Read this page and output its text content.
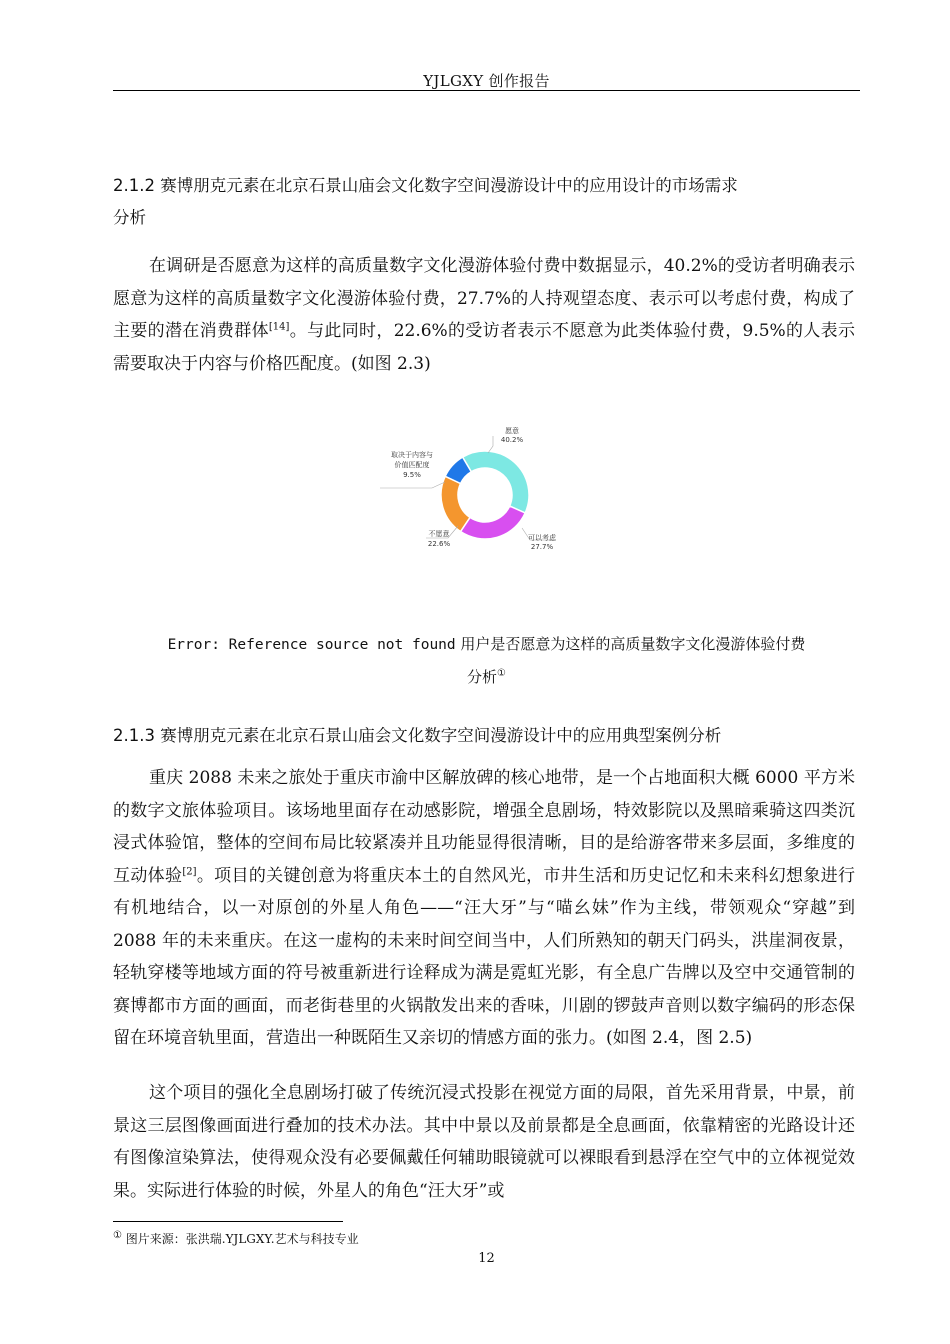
YJLGXY 创作报告
2.1.2 赛博朋克元素在北京石景山庙会文化数字空间漫游设计中的应用设计的市场需求
分析
在调研是否愿意为这样的高质量数字文化漫游体验付费中数据显示，40.2%的受访者明确表示愿意为这样的高质量数字文化漫游体验付费，27.7%的人持观望态度、表示可以考虑付费，构成了主要的潜在消费群体[14]。与此同时，22.6%的受访者表示不愿意为此类体验付费，9.5%的人表示需要取决于内容与价格匹配度。(如图 2.3)
愿意
40.2%
可以考虑
27.7%
不愿意
22.6%
取决于内容与
价值匹配度
9.5%
Error: Reference source not found 用户是否愿意为这样的高质量数字文化漫游体验付费
分析①
2.1.3 赛博朋克元素在北京石景山庙会文化数字空间漫游设计中的应用典型案例分析
重庆 2088 未来之旅处于重庆市渝中区解放碑的核心地带，是一个占地面积大概 6000 平方米的数字文旅体验项目。该场地里面存在动感影院，增强全息剧场，特效影院以及黑暗乘骑这四类沉浸式体验馆，整体的空间布局比较紧凑并且功能显得很清晰，目的是给游客带来多层面，多维度的互动体验[2]。项目的关键创意为将重庆本土的自然风光，市井生活和历史记忆和未来科幻想象进行有机地结合，以一对原创的外星人角色——“汪大牙”与“喵幺妹”作为主线，带领观众“穿越”到 2088 年的未来重庆。在这一虚构的未来时间空间当中，人们所熟知的朝天门码头，洪崖洞夜景，轻轨穿楼等地域方面的符号被重新进行诠释成为满是霓虹光影，有全息广告牌以及空中交通管制的赛博都市方面的画面，而老街巷里的火锅散发出来的香味，川剧的锣鼓声音则以数字编码的形态保留在环境音轨里面，营造出一种既陌生又亲切的情感方面的张力。(如图 2.4，图 2.5)
这个项目的强化全息剧场打破了传统沉浸式投影在视觉方面的局限，首先采用背景，中景，前景这三层图像画面进行叠加的技术办法。其中中景以及前景都是全息画面，依靠精密的光路设计还有图像渲染算法，使得观众没有必要佩戴任何辅助眼镜就可以裸眼看到悬浮在空气中的立体视觉效果。实际进行体验的时候，外星人的角色“汪大牙”或
① 图片来源：张洪瑞.YJLGXY.艺术与科技专业
12
